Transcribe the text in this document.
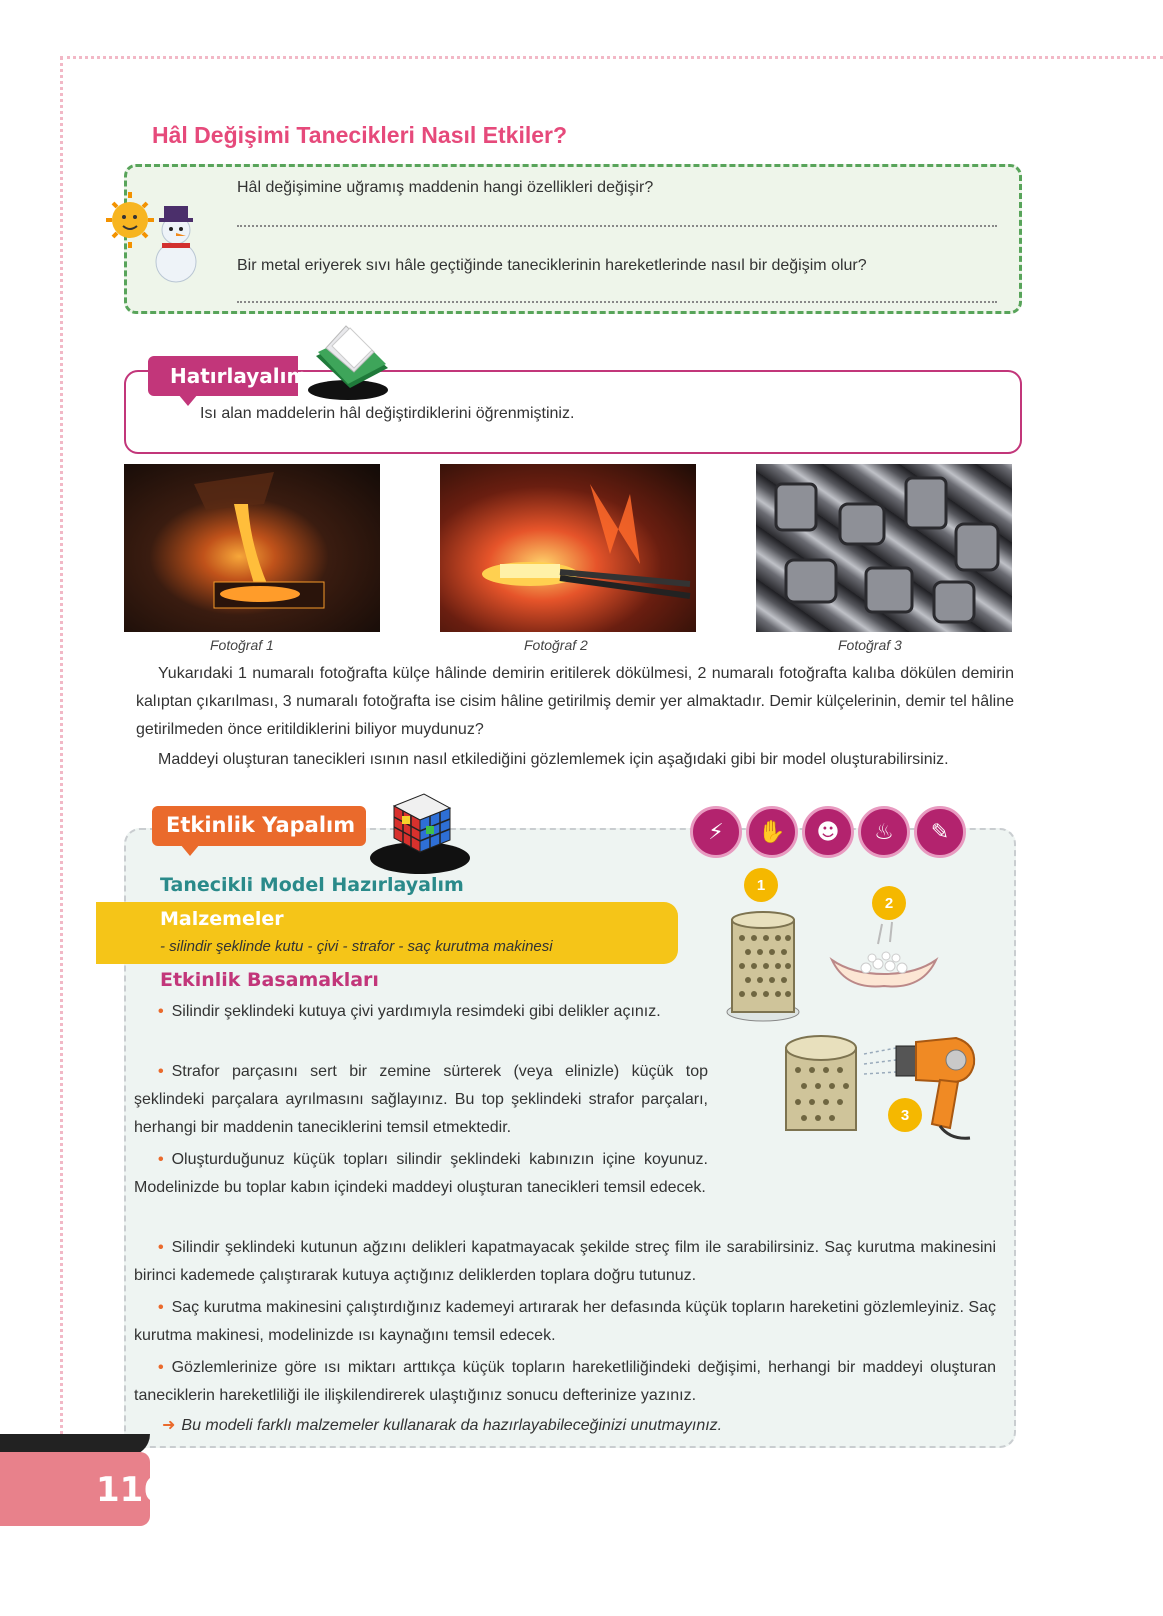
Hâl Değişimi Tanecikleri Nasıl Etkiler?
Hâl değişimine uğramış maddenin hangi özellikleri değişir?
Bir metal eriyerek sıvı hâle geçtiğinde taneciklerinin hareketlerinde nasıl bir değişim olur?
Hatırlayalım
Isı alan maddelerin hâl değiştirdiklerini öğrenmiştiniz.
Fotoğraf 1	Fotoğraf 2	Fotoğraf 3

Yukarıdaki 1 numaralı fotoğrafta külçe hâlinde demirin eritilerek dökülmesi, 2 numaralı fotoğrafta kalıba dökülen demirin kalıptan çıkarılması, 3 numaralı fotoğrafta ise cisim hâline getirilmiş demir yer almaktadır. Demir külçelerinin, demir tel hâline getirilmeden önce eritildiklerini biliyor muydunuz?

Maddeyi oluşturan tanecikleri ısının nasıl etkilediğini gözlemlemek için aşağıdaki gibi bir model oluşturabilirsiniz.

Etkinlik Yapalım	⚡	✋	☻	♨	✎
Tanecikli Model Hazırlayalım
Malzemeler
- silindir şeklinde kutu - çivi - strafor - saç kurutma makinesi
Etkinlik Basamakları

• Silindir şeklindeki kutuya çivi yardımıyla resimdeki gibi delikler açınız.

• Strafor parçasını sert bir zemine sürterek (veya elinizle) küçük top şeklindeki parçalara ayrılmasını sağlayınız. Bu top şeklindeki strafor parçaları, herhangi bir maddenin taneciklerini temsil etmektedir.

• Oluşturduğunuz küçük topları silindir şeklindeki kabınızın içine koyunuz. Modelinizde bu toplar kabın içindeki maddeyi oluşturan tanecikleri temsil edecek.

• Silindir şeklindeki kutunun ağzını delikleri kapatmayacak şekilde streç film ile sarabilirsiniz. Saç kurutma makinesini birinci kademede çalıştırarak kutuya açtığınız deliklerden toplara doğru tutunuz.

• Saç kurutma makinesini çalıştırdığınız kademeyi artırarak her defasında küçük topların hareketini gözlemleyiniz. Saç kurutma makinesi, modelinizde ısı kaynağını temsil edecek.

• Gözlemlerinize göre ısı miktarı arttıkça küçük topların hareketliliğindeki değişimi, herhangi bir maddeyi oluşturan taneciklerin hareketliliği ile ilişkilendirerek ulaştığınız sonucu defterinize yazınız.

➜ Bu modeli farklı malzemeler kullanarak da hazırlayabileceğinizi unutmayınız.
1
2
3
116
